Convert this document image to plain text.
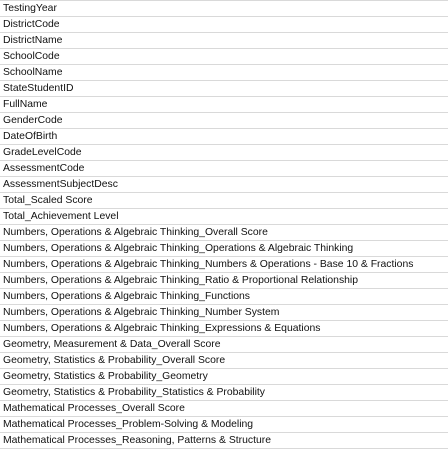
TestingYear
DistrictCode
DistrictName
SchoolCode
SchoolName
StateStudentID
FullName
GenderCode
DateOfBirth
GradeLevelCode
AssessmentCode
AssessmentSubjectDesc
Total_Scaled Score
Total_Achievement Level
Numbers, Operations & Algebraic Thinking_Overall Score
Numbers, Operations & Algebraic Thinking_Operations & Algebraic Thinking
Numbers, Operations & Algebraic Thinking_Numbers & Operations - Base 10 & Fractions
Numbers, Operations & Algebraic Thinking_Ratio & Proportional Relationship
Numbers, Operations & Algebraic Thinking_Functions
Numbers, Operations & Algebraic Thinking_Number System
Numbers, Operations & Algebraic Thinking_Expressions & Equations
Geometry, Measurement & Data_Overall Score
Geometry, Statistics & Probability_Overall Score
Geometry, Statistics & Probability_Geometry
Geometry, Statistics & Probability_Statistics & Probability
Mathematical Processes_Overall Score
Mathematical Processes_Problem-Solving & Modeling
Mathematical Processes_Reasoning, Patterns & Structure
